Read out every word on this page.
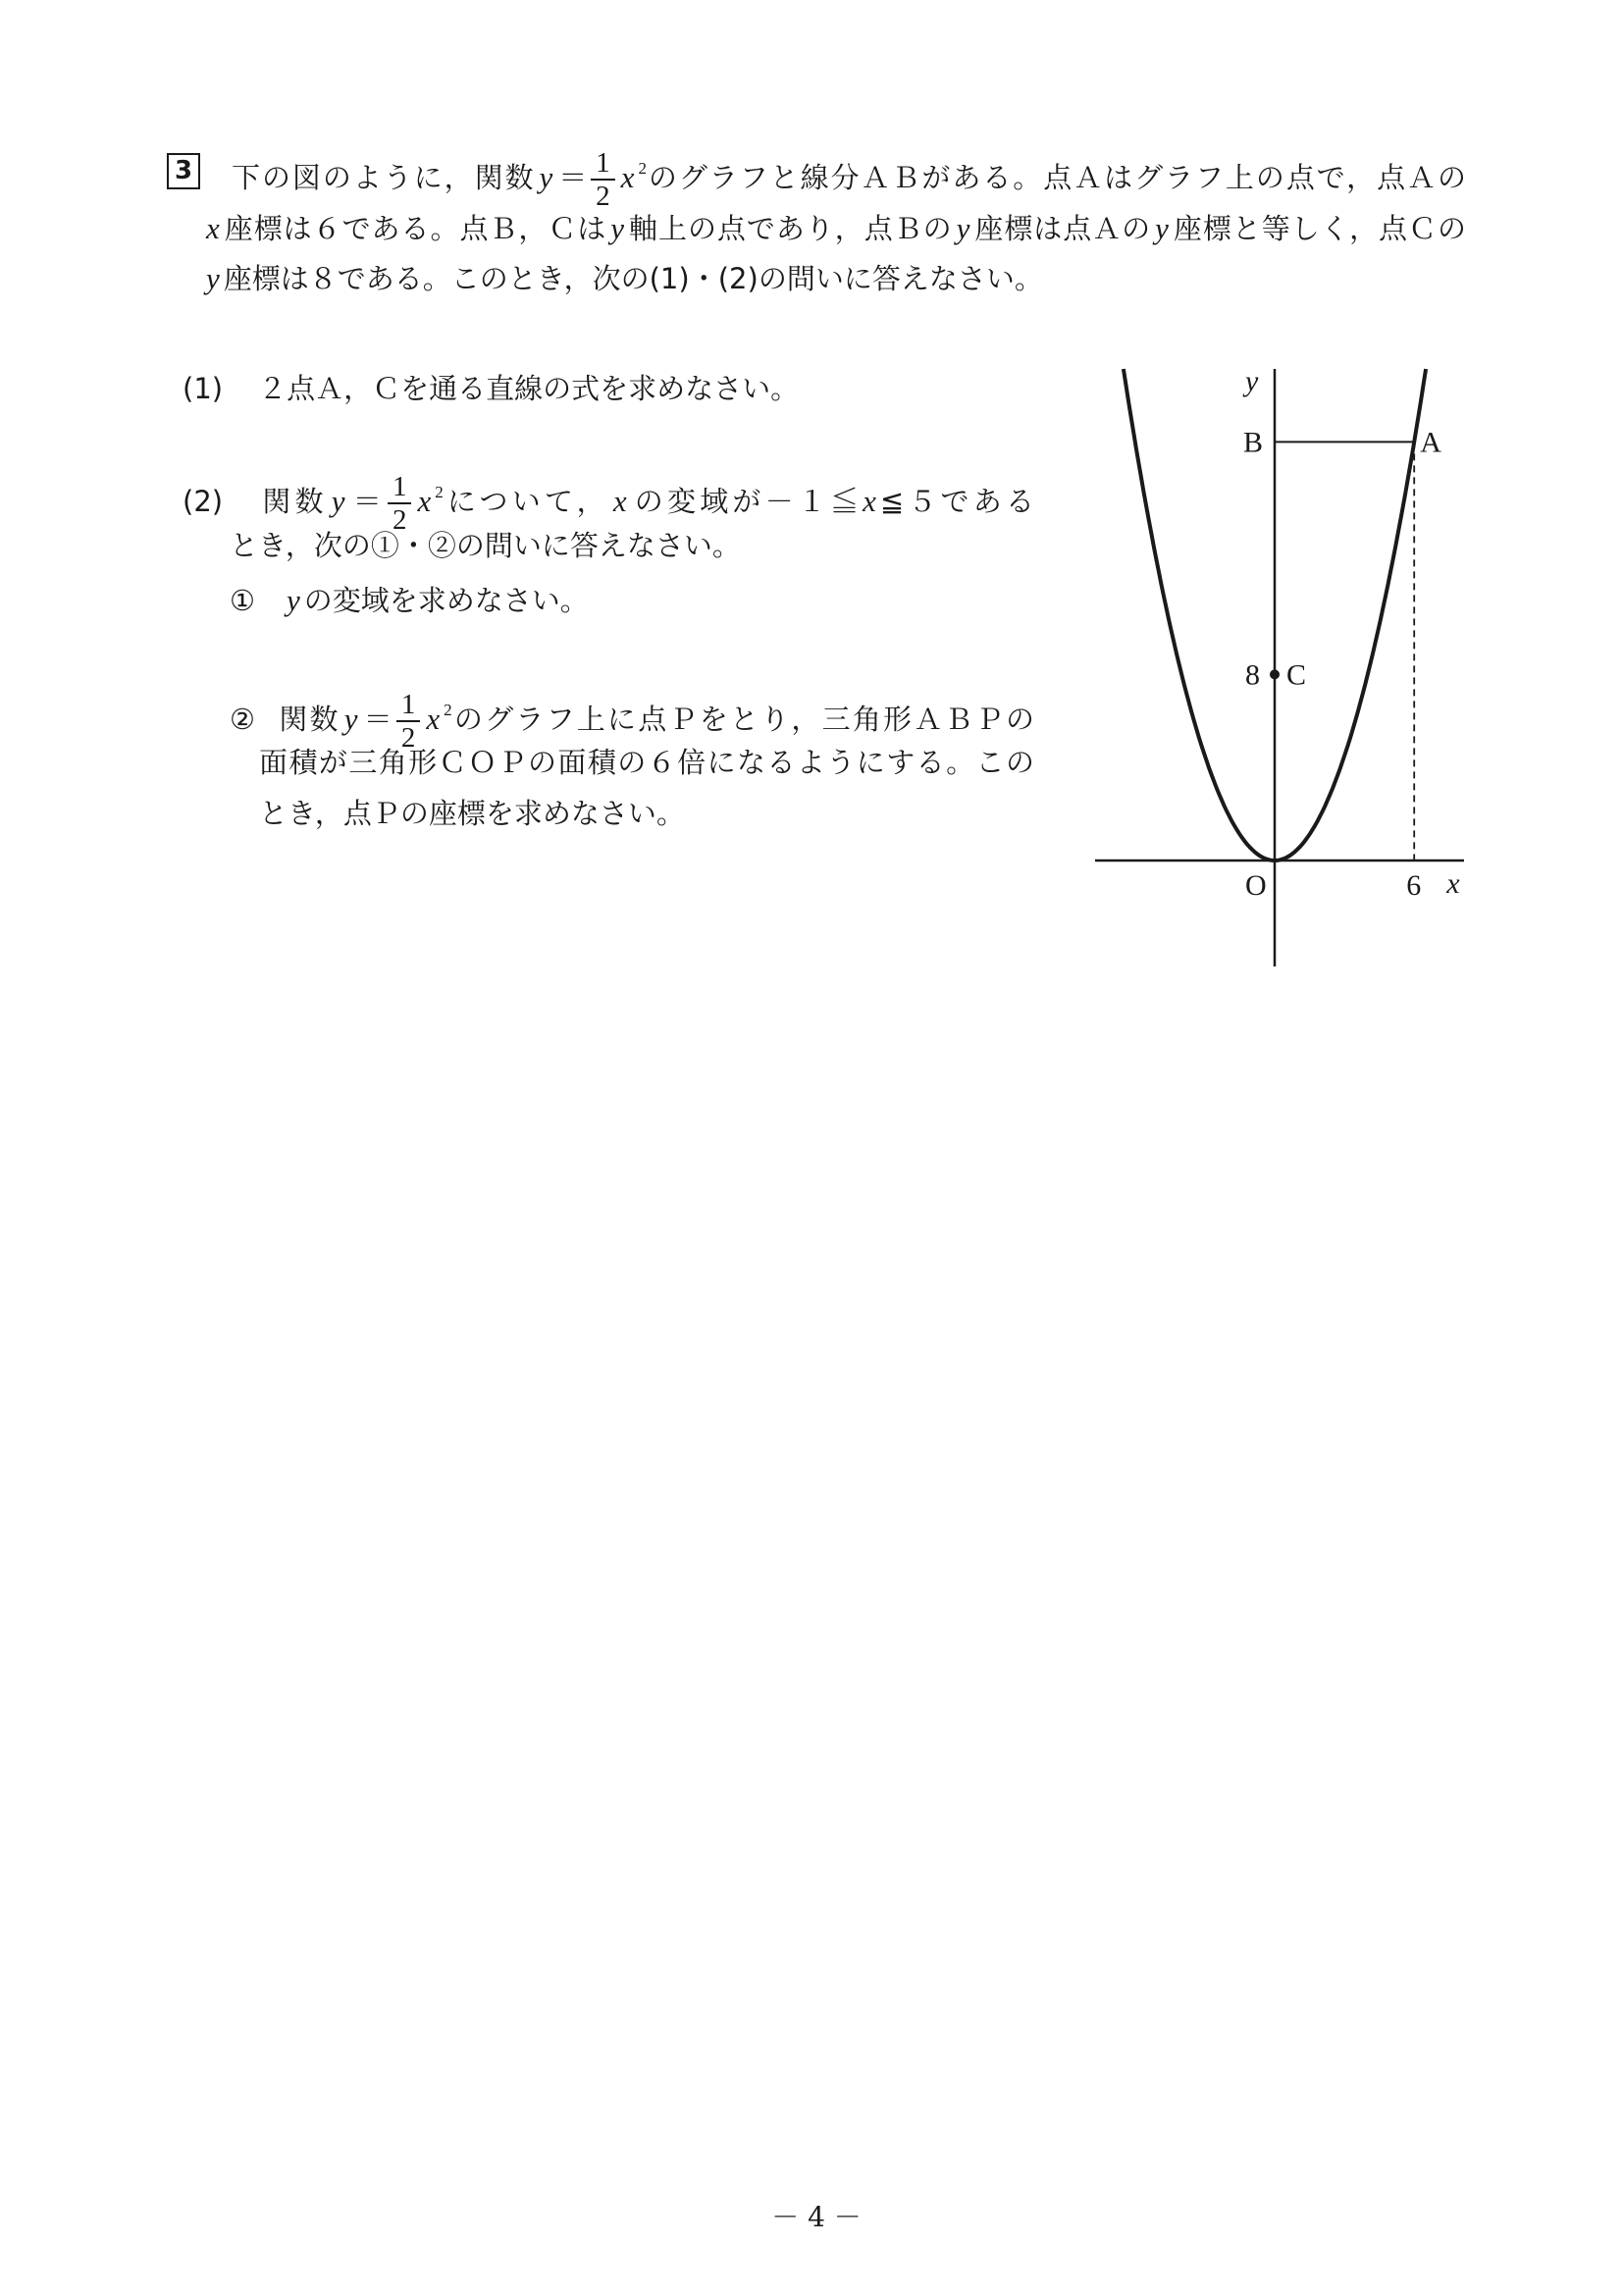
3 下の図のように，関数 $y = \frac{1}{2}$ x $^2$のグラフと線分ＡＢがある。点Ａはグラフ上の点で，点Ａの
x 座標は６である。点Ｂ，Ｃは y 軸上の点であり，点Ｂの y 座標は点Ａの y 座標と等しく，点Ｃの
y 座標は８である。このとき，次の(1)・(2)の問いに答えなさい。
(1) ２点Ａ，Ｃを通る直線の式を求めなさい。
(2) 関数 $y = \frac{1}{2}$ x $^2$について， x の変域が－１≦ x ≦５である
とき，次の①・②の問いに答えなさい。
① y の変域を求めなさい。
② 関数 $y = \frac{1}{2}$ x $^2$のグラフ上に点Ｐをとり，三角形ＡＢＰの
面積が三角形ＣＯＰの面積の６倍になるようにする。この
とき，点Ｐの座標を求めなさい。
y
x
B	A
8 C
O	6
－ 4 －
